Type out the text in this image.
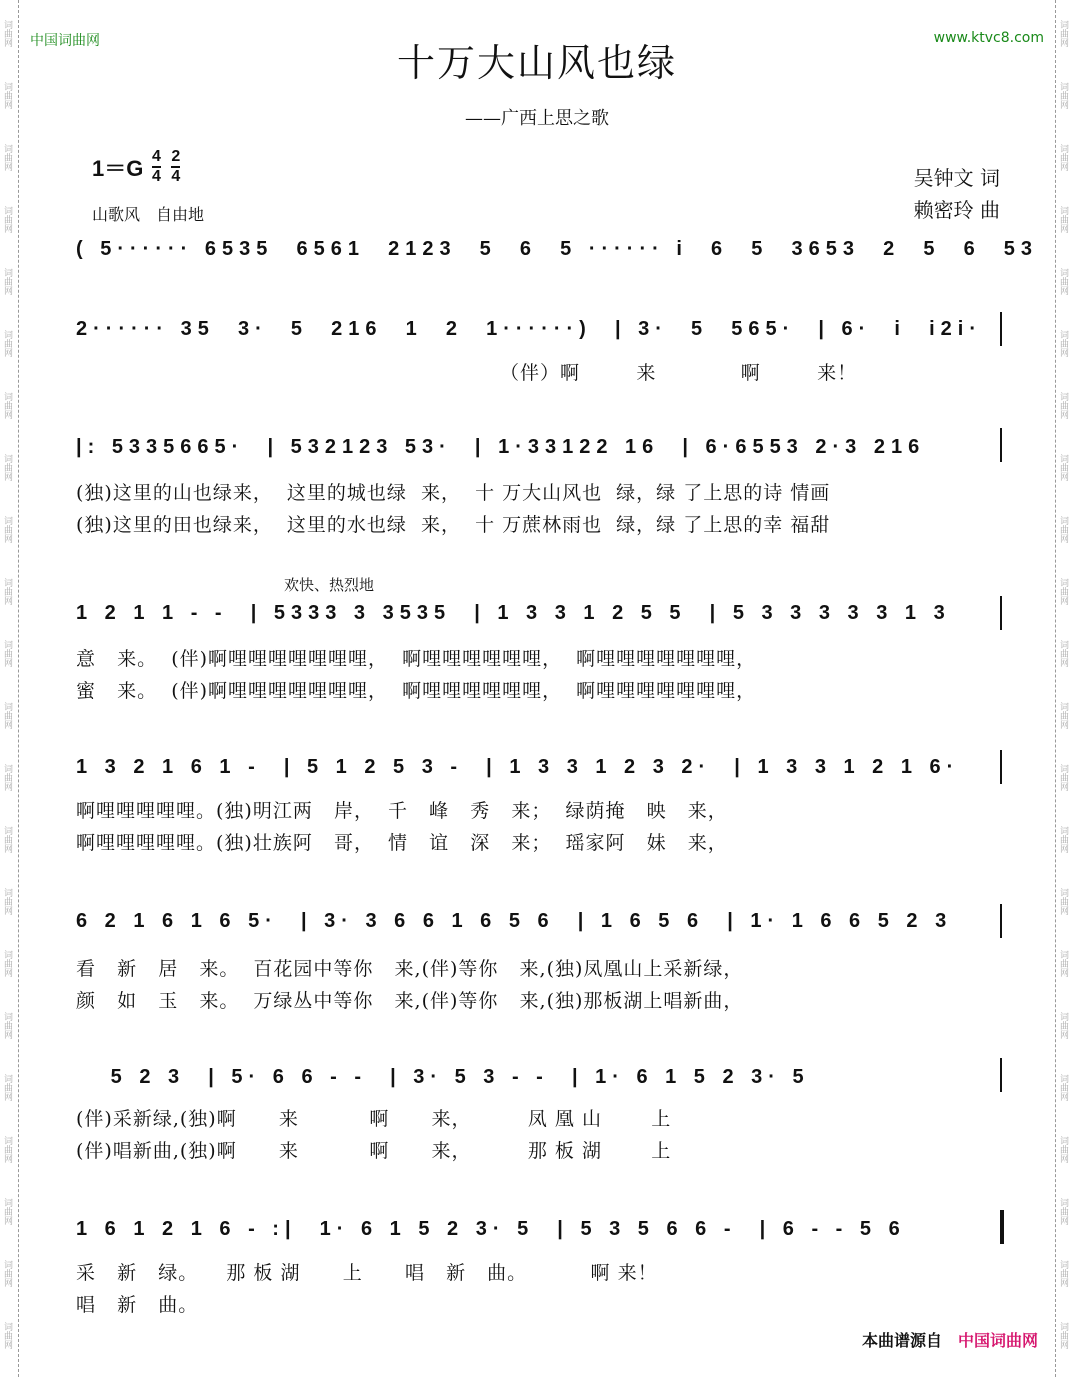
词曲网
词曲网
词曲网
词曲网
词曲网
词曲网
词曲网
词曲网
词曲网
词曲网
词曲网
词曲网
词曲网
词曲网
词曲网
词曲网
词曲网
词曲网
词曲网
词曲网
词曲网
词曲网
词曲网
词曲网
词曲网
词曲网
词曲网
词曲网
词曲网
词曲网
词曲网
词曲网
词曲网
词曲网
词曲网
词曲网
词曲网
词曲网
词曲网
词曲网
词曲网
词曲网
词曲网
词曲网
中国词曲网	www.ktvc8.com
十万大山风也绿
——广西上思之歌
$1=G \frac{4}{4} \frac{2}{4}$
山歌风　自由地
吴钟文 词
赖密玲 曲
( 5······ 6535  6561  2123  5  6  5 ······ i  6  5  3653  2  5  6  53
2······ 35  3·  5  216  1  2  1······)  | 3·  5  565·  | 6·  i  i2i·
（伴）啊        来            啊        来！
|: 5335665·  | 532123 53·  | 1·33122 16  | 6·6553 2·3 216
(独)这里的山也绿来，  这里的城也绿  来，  十 万大山风也  绿，绿 了上思的诗 情画
(独)这里的田也绿来，  这里的水也绿  来，  十 万蔗林雨也  绿，绿 了上思的幸 福甜
欢快、热烈地
1 2 1 1 - -  | 5333 3 3535  | 1 3 3 1 2 5 5  | 5 3 3 3 3 3 1 3
意   来。  (伴)啊哩哩哩哩哩哩哩，  啊哩哩哩哩哩哩，  啊哩哩哩哩哩哩哩，
蜜   来。  (伴)啊哩哩哩哩哩哩哩，  啊哩哩哩哩哩哩，  啊哩哩哩哩哩哩哩，
1 3 2 1 6 1 -  | 5 1 2 5 3 -  | 1 3 3 1 2 3 2·  | 1 3 3 1 2 1 6·
啊哩哩哩哩哩。(独)明江两   岸，  千   峰   秀   来；  绿荫掩   映   来，
啊哩哩哩哩哩。(独)壮族阿   哥，  情   谊   深   来；  瑶家阿   妹   来，
6 2 1 6 1 6 5·  | 3· 3 6 6 1 6 5 6  | 1 6 5 6  | 1· 1 6 6 5 2 3
看   新   居   来。  百花园中等你   来,(伴)等你   来,(独)凤凰山上采新绿，
颜   如   玉   来。  万绿丛中等你   来,(伴)等你   来,(独)那板湖上唱新曲，
5 2 3  | 5· 6 6 - -  | 3· 5 3 - -  | 1· 6 1 5 2 3· 5
(伴)采新绿,(独)啊      来          啊      来，        凤 凰 山       上
(伴)唱新曲,(独)啊      来          啊      来，        那 板 湖       上
1 6 1 2 1 6 - :|  1· 6 1 5 2 3· 5  | 5 3 5 6 6 -  | 6 - - 5 6
采   新   绿。    那 板 湖      上      唱   新   曲。         啊 来！
唱   新   曲。
本曲谱源自 中国词曲网
